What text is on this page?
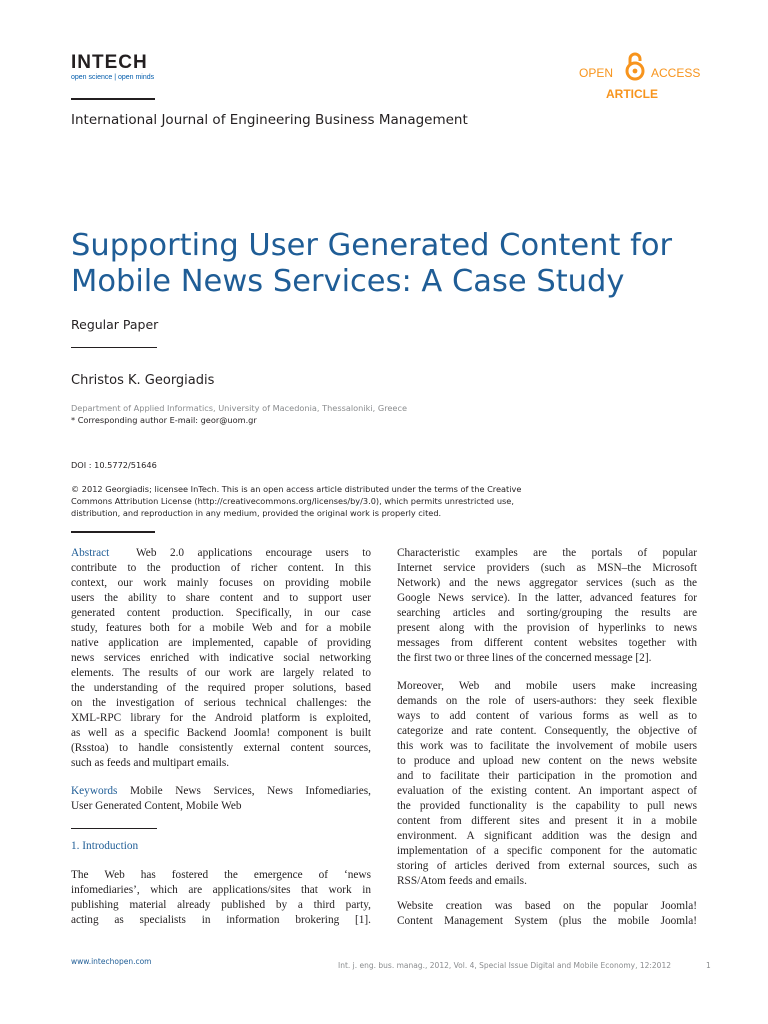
INTECH
open science | open minds	OPEN	ACCESS
ARTICLE
International Journal of Engineering Business Management
Supporting User Generated Content for
Mobile News Services: A Case Study
Regular Paper
Christos K. Georgiadis
Department of Applied Informatics, University of Macedonia, Thessaloniki, Greece
* Corresponding author E-mail: geor@uom.gr
DOI : 10.5772/51646
© 2012 Georgiadis; licensee InTech. This is an open access article distributed under the terms of the Creative
Commons Attribution License (http://creativecommons.org/licenses/by/3.0), which permits unrestricted use,
distribution, and reproduction in any medium, provided the original work is properly cited.
Abstract Web 2.0 applications encourage users to
contribute to the production of richer content. In this
context, our work mainly focuses on providing mobile
users the ability to share content and to support user
generated content production. Specifically, in our case
study, features both for a mobile Web and for a mobile
native application are implemented, capable of providing
news services enriched with indicative social networking
elements. The results of our work are largely related to
the understanding of the required proper solutions, based
on the investigation of serious technical challenges: the
XML-RPC library for the Android platform is exploited,
as well as a specific Backend Joomla! component is built
(Rsstoa) to handle consistently external content sources,
such as feeds and multipart emails.
Keywords Mobile News Services, News Infomediaries,
User Generated Content, Mobile Web
1. Introduction
The Web has fostered the emergence of ‘news
infomediaries’, which are applications/sites that work in
publishing material already published by a third party,
acting as specialists in information brokering [1].
Characteristic examples are the portals of popular
Internet service providers (such as MSN–the Microsoft
Network) and the news aggregator services (such as the
Google News service). In the latter, advanced features for
searching articles and sorting/grouping the results are
present along with the provision of hyperlinks to news
messages from different content websites together with
the first two or three lines of the concerned message [2].
Moreover, Web and mobile users make increasing
demands on the role of users-authors: they seek flexible
ways to add content of various forms as well as to
categorize and rate content. Consequently, the objective of
this work was to facilitate the involvement of mobile users
to produce and upload new content on the news website
and to facilitate their participation in the promotion and
evaluation of the existing content. An important aspect of
the provided functionality is the capability to pull news
content from different sites and present it in a mobile
environment. A significant addition was the design and
implementation of a specific component for the automatic
storing of articles derived from external sources, such as
RSS/Atom feeds and emails.
Website creation was based on the popular Joomla!
Content Management System (plus the mobile Joomla!
www.intechopen.com	Int. j. eng. bus. manag., 2012, Vol. 4, Special Issue Digital and Mobile Economy, 12:2012	1
